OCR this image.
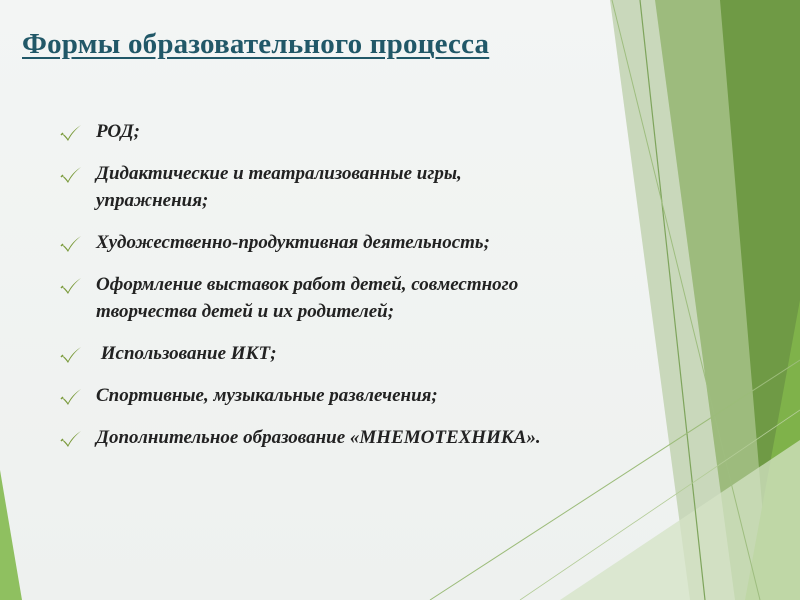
Формы образовательного процесса
РОД;
Дидактические и театрализованные игры,
упражнения;
Художественно-продуктивная деятельность;
Оформление выставок работ детей, совместного
творчества детей и их родителей;
Использование ИКТ;
Спортивные, музыкальные развлечения;
Дополнительное образование «МНЕМОТЕХНИКА».
